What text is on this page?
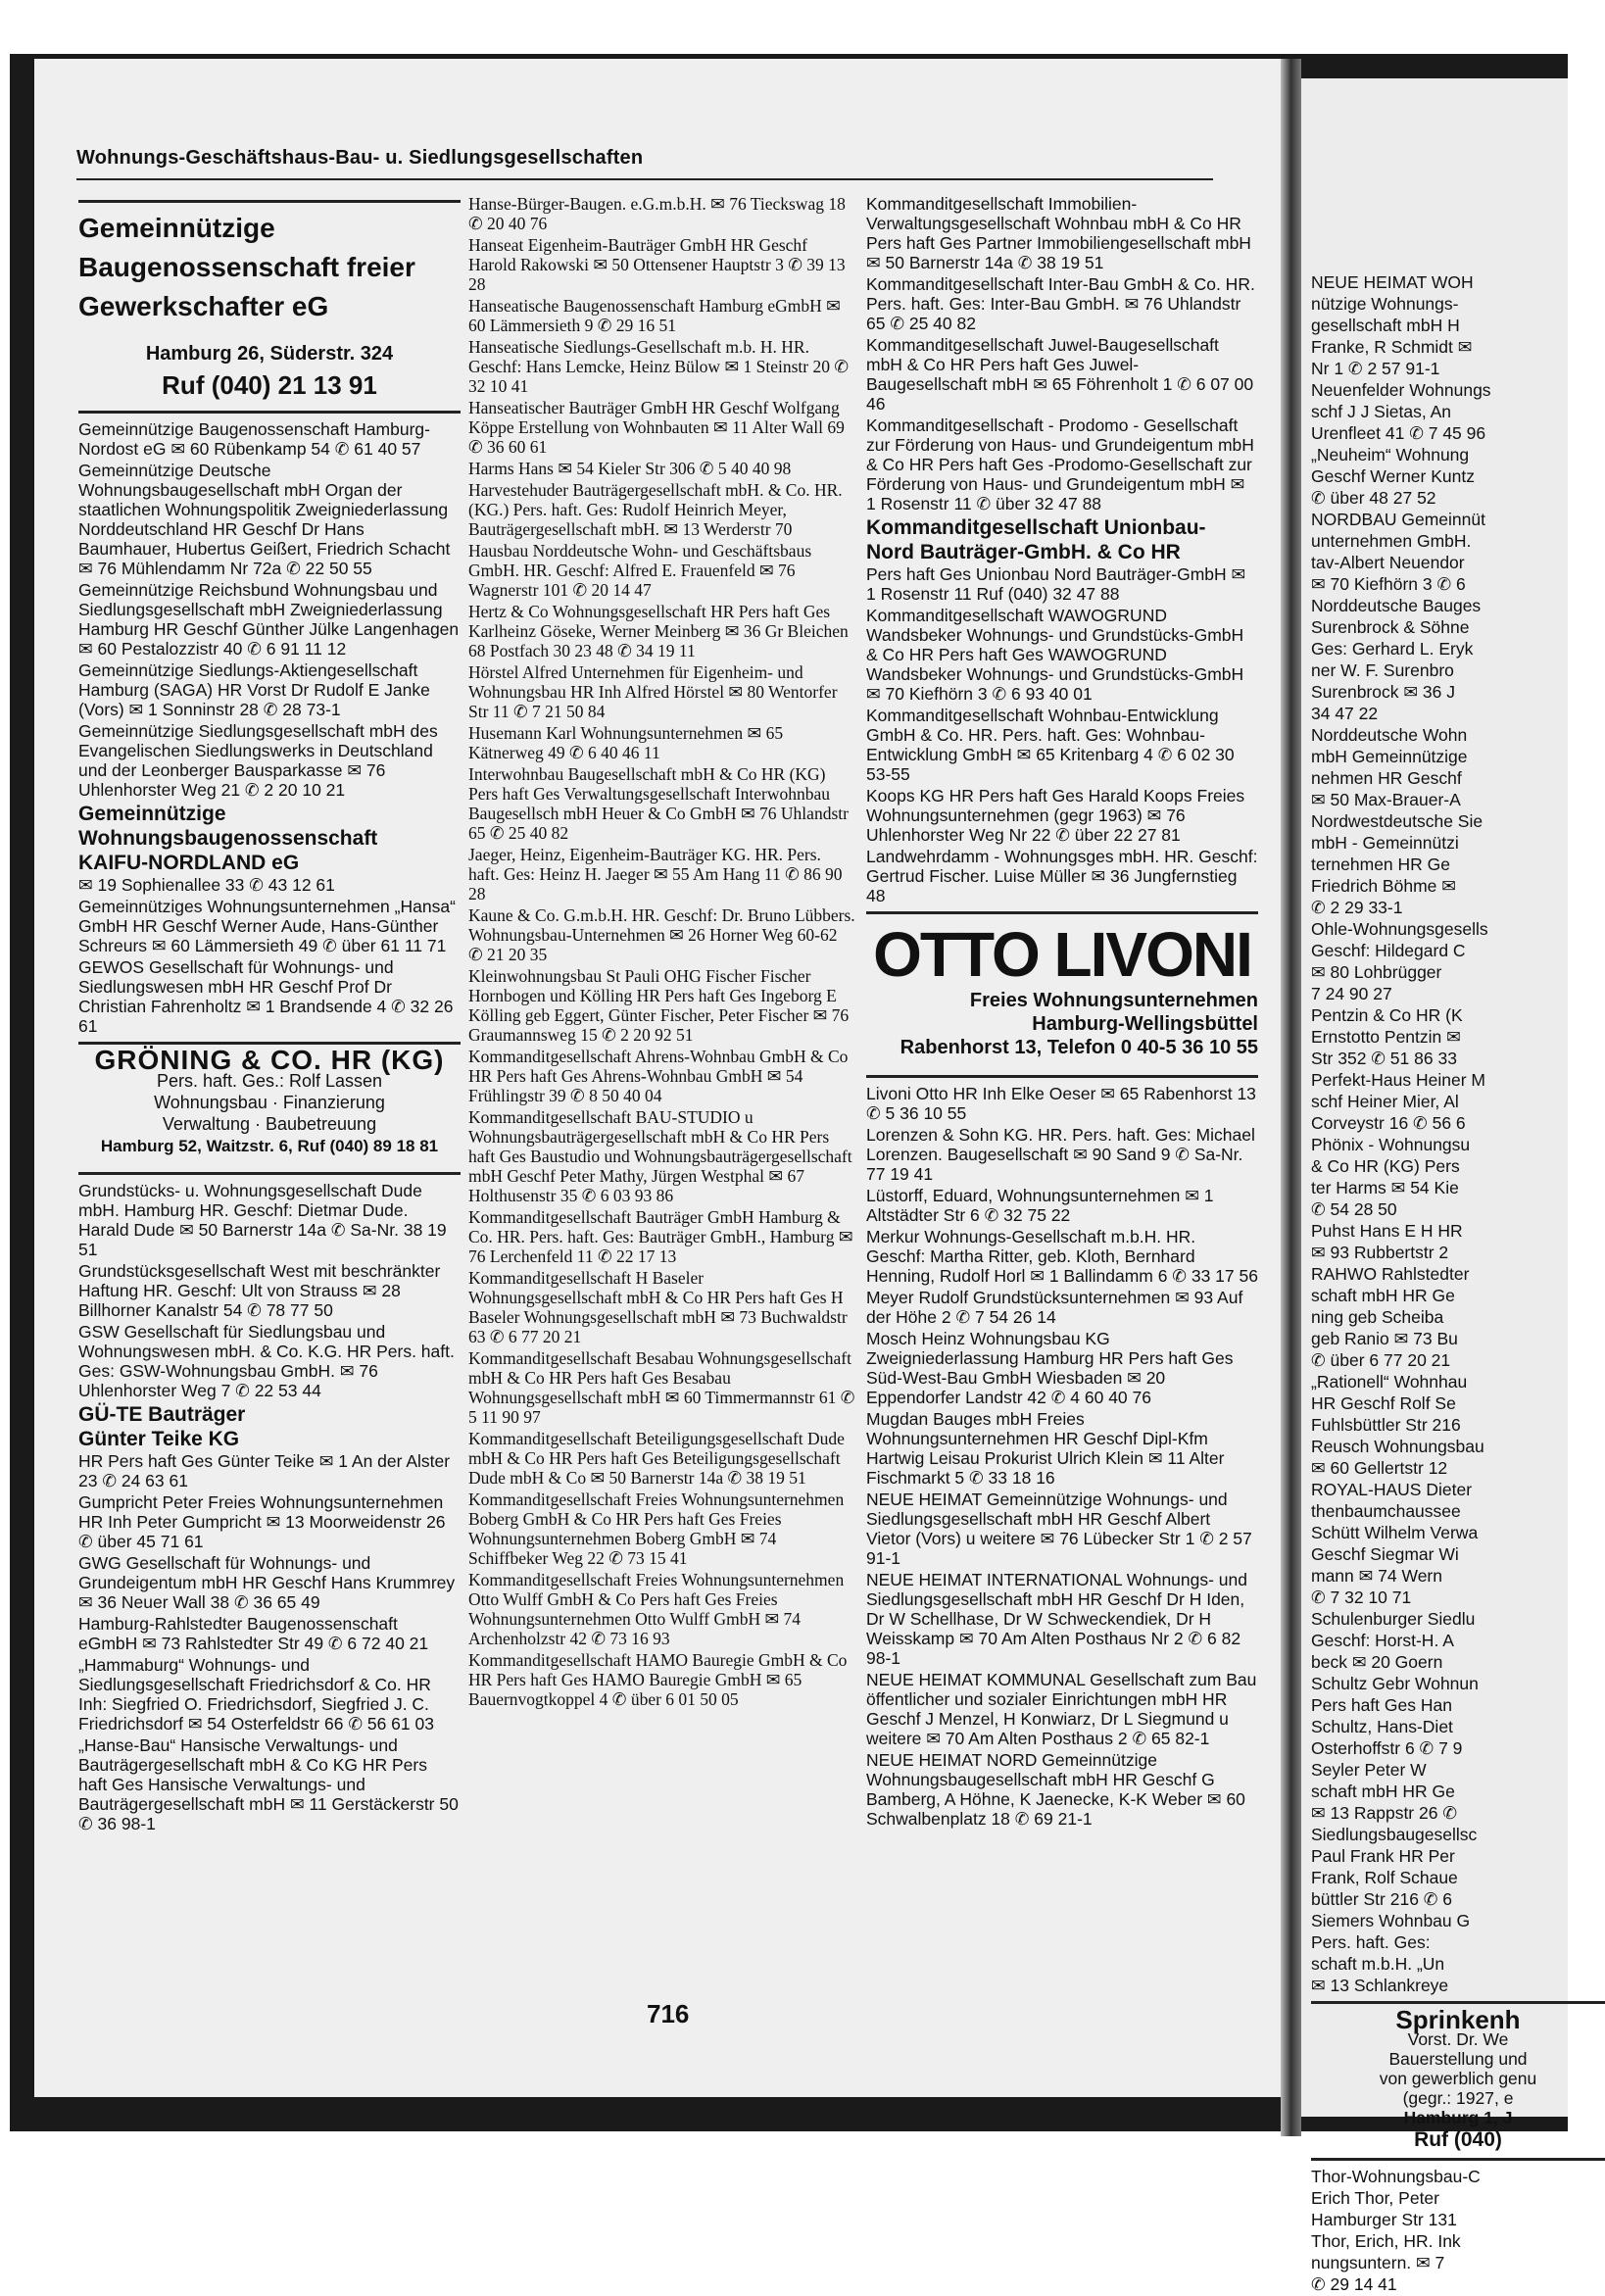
NEUE HEIMAT WOH
nützige Wohnungs-
gesellschaft mbH H
Franke, R Schmidt ✉
Nr 1 ✆ 2 57 91-1
Neuenfelder Wohnungs
schf J J Sietas, An
Urenfleet 41 ✆ 7 45 96
„Neuheim“ Wohnung
Geschf Werner Kuntz
✆ über 48 27 52
NORDBAU Gemeinnüt
unternehmen GmbH.
tav-Albert Neuendor
✉ 70 Kiefhörn 3 ✆ 6
Norddeutsche Bauges
Surenbrock & Söhne
Ges: Gerhard L. Eryk
ner W. F. Surenbro
Surenbrock ✉ 36 J
34 47 22
Norddeutsche Wohn
mbH Gemeinnützige
nehmen HR Geschf
✉ 50 Max-Brauer-A
Nordwestdeutsche Sie
mbH - Gemeinnützi
ternehmen HR Ge
Friedrich Böhme ✉
✆ 2 29 33-1
Ohle-Wohnungsgesells
Geschf: Hildegard C
✉ 80 Lohbrügger
7 24 90 27
Pentzin & Co HR (K
Ernstotto Pentzin ✉
Str 352 ✆ 51 86 33
Perfekt-Haus Heiner M
schf Heiner Mier, Al
Corveystr 16 ✆ 56 6
Phönix - Wohnungsu
& Co HR (KG) Pers
ter Harms ✉ 54 Kie
✆ 54 28 50
Puhst Hans E H HR
✉ 93 Rubbertstr 2
RAHWO Rahlstedter
schaft mbH HR Ge
ning geb Scheiba
geb Ranio ✉ 73 Bu
✆ über 6 77 20 21
„Rationell“ Wohnhau
HR Geschf Rolf Se
Fuhlsbüttler Str 216
Reusch Wohnungsbau
✉ 60 Gellertstr 12
ROYAL-HAUS Dieter
thenbaumchaussee
Schütt Wilhelm Verwa
Geschf Siegmar Wi
mann ✉ 74 Wern
✆ 7 32 10 71
Schulenburger Siedlu
Geschf: Horst-H. A
beck ✉ 20 Goern
Schultz Gebr Wohnun
Pers haft Ges Han
Schultz, Hans-Diet
Osterhoffstr 6 ✆ 7 9
Seyler Peter W
schaft mbH HR Ge
✉ 13 Rappstr 26 ✆
Siedlungsbaugesellsc
Paul Frank HR Per
Frank, Rolf Schaue
büttler Str 216 ✆ 6
Siemers Wohnbau G
Pers. haft. Ges:
schaft m.b.H. „Un
✉ 13 Schlankreye
Sprinkenh
Vorst. Dr. We
Bauerstellung und
von gewerblich genu
(gegr.: 1927, e
Hamburg 1, J
Ruf (040)
Thor-Wohnungsbau-C
Erich Thor, Peter
Hamburger Str 131
Thor, Erich, HR. Ink
nungsuntern. ✉ 7
✆ 29 14 41
Wohnungs-Geschäftshaus-Bau- u. Siedlungsgesellschaften
Gemeinnützige
Baugenossenschaft freier
Gewerkschafter eG
Hamburg 26, Süderstr. 324
Ruf (040) 21 13 91
Gemeinnützige Baugenossenschaft Hamburg-Nordost eG ✉ 60 Rübenkamp 54 ✆ 61 40 57
Gemeinnützige Deutsche Wohnungsbaugesellschaft mbH Organ der staatlichen Wohnungspolitik Zweigniederlassung Norddeutschland HR Geschf Dr Hans Baumhauer, Hubertus Geißert, Friedrich Schacht ✉ 76 Mühlendamm Nr 72a ✆ 22 50 55
Gemeinnützige Reichsbund Wohnungsbau und Siedlungsgesellschaft mbH Zweigniederlassung Hamburg HR Geschf Günther Jülke Langenhagen ✉ 60 Pestalozzistr 40 ✆ 6 91 11 12
Gemeinnützige Siedlungs-Aktiengesellschaft Hamburg (SAGA) HR Vorst Dr Rudolf E Janke (Vors) ✉ 1 Sonninstr 28 ✆ 28 73-1
Gemeinnützige Siedlungsgesellschaft mbH des Evangelischen Siedlungswerks in Deutschland und der Leonberger Bausparkasse ✉ 76 Uhlenhorster Weg 21 ✆ 2 20 10 21
Gemeinnützige
Wohnungsbaugenossenschaft
KAIFU-NORDLAND eG
✉ 19 Sophienallee 33 ✆ 43 12 61
Gemeinnütziges Wohnungsunternehmen „Hansa“ GmbH HR Geschf Werner Aude, Hans-Günther Schreurs ✉ 60 Lämmersieth 49 ✆ über 61 11 71
GEWOS Gesellschaft für Wohnungs- und Siedlungswesen mbH HR Geschf Prof Dr Christian Fahrenholtz ✉ 1 Brandsende 4 ✆ 32 26 61
GRÖNING & CO. HR (KG)
Pers. haft. Ges.: Rolf Lassen
Wohnungsbau · Finanzierung
Verwaltung · Baubetreuung
Hamburg 52, Waitzstr. 6, Ruf (040) 89 18 81
Grundstücks- u. Wohnungsgesellschaft Dude mbH. Hamburg HR. Geschf: Dietmar Dude. Harald Dude ✉ 50 Barnerstr 14a ✆ Sa-Nr. 38 19 51
Grundstücksgesellschaft West mit beschränkter Haftung HR. Geschf: Ult von Strauss ✉ 28 Billhorner Kanalstr 54 ✆ 78 77 50
GSW Gesellschaft für Siedlungsbau und Wohnungswesen mbH. & Co. K.G. HR Pers. haft. Ges: GSW-Wohnungsbau GmbH. ✉ 76 Uhlenhorster Weg 7 ✆ 22 53 44
GÜ-TE Bauträger
Günter Teike KG
HR Pers haft Ges Günter Teike ✉ 1 An der Alster 23 ✆ 24 63 61
Gumpricht Peter Freies Wohnungsunternehmen HR Inh Peter Gumpricht ✉ 13 Moorweidenstr 26 ✆ über 45 71 61
GWG Gesellschaft für Wohnungs- und Grundeigentum mbH HR Geschf Hans Krummrey ✉ 36 Neuer Wall 38 ✆ 36 65 49
Hamburg-Rahlstedter Baugenossenschaft eGmbH ✉ 73 Rahlstedter Str 49 ✆ 6 72 40 21
„Hammaburg“ Wohnungs- und Siedlungsgesellschaft Friedrichsdorf & Co. HR Inh: Siegfried O. Friedrichsdorf, Siegfried J. C. Friedrichsdorf ✉ 54 Osterfeldstr 66 ✆ 56 61 03
„Hanse-Bau“ Hansische Verwaltungs- und Bauträgergesellschaft mbH & Co KG HR Pers haft Ges Hansische Verwaltungs- und Bauträgergesellschaft mbH ✉ 11 Gerstäckerstr 50 ✆ 36 98-1
Hanse-Bürger-Baugen. e.G.m.b.H. ✉ 76 Tieckswag 18 ✆ 20 40 76
Hanseat Eigenheim-Bauträger GmbH HR Geschf Harold Rakowski ✉ 50 Ottensener Hauptstr 3 ✆ 39 13 28
Hanseatische Baugenossenschaft Hamburg eGmbH ✉ 60 Lämmersieth 9 ✆ 29 16 51
Hanseatische Siedlungs-Gesellschaft m.b. H. HR. Geschf: Hans Lemcke, Heinz Bülow ✉ 1 Steinstr 20 ✆ 32 10 41
Hanseatischer Bauträger GmbH HR Geschf Wolfgang Köppe Erstellung von Wohnbauten ✉ 11 Alter Wall 69 ✆ 36 60 61
Harms Hans ✉ 54 Kieler Str 306 ✆ 5 40 40 98
Harvestehuder Bauträgergesellschaft mbH. & Co. HR. (KG.) Pers. haft. Ges: Rudolf Heinrich Meyer, Bauträgergesellschaft mbH. ✉ 13 Werderstr 70
Hausbau Norddeutsche Wohn- und Geschäftsbaus GmbH. HR. Geschf: Alfred E. Frauenfeld ✉ 76 Wagnerstr 101 ✆ 20 14 47
Hertz & Co Wohnungsgesellschaft HR Pers haft Ges Karlheinz Göseke, Werner Meinberg ✉ 36 Gr Bleichen 68 Postfach 30 23 48 ✆ 34 19 11
Hörstel Alfred Unternehmen für Eigenheim- und Wohnungsbau HR Inh Alfred Hörstel ✉ 80 Wentorfer Str 11 ✆ 7 21 50 84
Husemann Karl Wohnungsunternehmen ✉ 65 Kätnerweg 49 ✆ 6 40 46 11
Interwohnbau Baugesellschaft mbH & Co HR (KG) Pers haft Ges Verwaltungsgesellschaft Interwohnbau Baugesellsch mbH Heuer & Co GmbH ✉ 76 Uhlandstr 65 ✆ 25 40 82
Jaeger, Heinz, Eigenheim-Bauträger KG. HR. Pers. haft. Ges: Heinz H. Jaeger ✉ 55 Am Hang 11 ✆ 86 90 28
Kaune & Co. G.m.b.H. HR. Geschf: Dr. Bruno Lübbers. Wohnungsbau-Unternehmen ✉ 26 Horner Weg 60-62 ✆ 21 20 35
Kleinwohnungsbau St Pauli OHG Fischer Fischer Hornbogen und Kölling HR Pers haft Ges Ingeborg E Kölling geb Eggert, Günter Fischer, Peter Fischer ✉ 76 Graumannsweg 15 ✆ 2 20 92 51
Kommanditgesellschaft Ahrens-Wohnbau GmbH & Co HR Pers haft Ges Ahrens-Wohnbau GmbH ✉ 54 Frühlingstr 39 ✆ 8 50 40 04
Kommanditgesellschaft BAU-STUDIO u Wohnungsbauträgergesellschaft mbH & Co HR Pers haft Ges Baustudio und Wohnungsbauträgergesellschaft mbH Geschf Peter Mathy, Jürgen Westphal ✉ 67 Holthusenstr 35 ✆ 6 03 93 86
Kommanditgesellschaft Bauträger GmbH Hamburg & Co. HR. Pers. haft. Ges: Bauträger GmbH., Hamburg ✉ 76 Lerchenfeld 11 ✆ 22 17 13
Kommanditgesellschaft H Baseler Wohnungsgesellschaft mbH & Co HR Pers haft Ges H Baseler Wohnungsgesellschaft mbH ✉ 73 Buchwaldstr 63 ✆ 6 77 20 21
Kommanditgesellschaft Besabau Wohnungsgesellschaft mbH & Co HR Pers haft Ges Besabau Wohnungsgesellschaft mbH ✉ 60 Timmermannstr 61 ✆ 5 11 90 97
Kommanditgesellschaft Beteiligungsgesellschaft Dude mbH & Co HR Pers haft Ges Beteiligungsgesellschaft Dude mbH & Co ✉ 50 Barnerstr 14a ✆ 38 19 51
Kommanditgesellschaft Freies Wohnungsunternehmen Boberg GmbH & Co HR Pers haft Ges Freies Wohnungsunternehmen Boberg GmbH ✉ 74 Schiffbeker Weg 22 ✆ 73 15 41
Kommanditgesellschaft Freies Wohnungsunternehmen Otto Wulff GmbH & Co Pers haft Ges Freies Wohnungsunternehmen Otto Wulff GmbH ✉ 74 Archenholzstr 42 ✆ 73 16 93
Kommanditgesellschaft HAMO Bauregie GmbH & Co HR Pers haft Ges HAMO Bauregie GmbH ✉ 65 Bauernvogtkoppel 4 ✆ über 6 01 50 05
Kommanditgesellschaft Immobilien-Verwaltungsgesellschaft Wohnbau mbH & Co HR Pers haft Ges Partner Immobiliengesellschaft mbH ✉ 50 Barnerstr 14a ✆ 38 19 51
Kommanditgesellschaft Inter-Bau GmbH & Co. HR. Pers. haft. Ges: Inter-Bau GmbH. ✉ 76 Uhlandstr 65 ✆ 25 40 82
Kommanditgesellschaft Juwel-Baugesellschaft mbH & Co HR Pers haft Ges Juwel-Baugesellschaft mbH ✉ 65 Föhrenholt 1 ✆ 6 07 00 46
Kommanditgesellschaft - Prodomo - Gesellschaft zur Förderung von Haus- und Grundeigentum mbH & Co HR Pers haft Ges -Prodomo-Gesellschaft zur Förderung von Haus- und Grundeigentum mbH ✉ 1 Rosenstr 11 ✆ über 32 47 88
Kommanditgesellschaft Unionbau-
Nord Bauträger-GmbH. & Co HR
Pers haft Ges Unionbau Nord Bauträger-GmbH ✉ 1 Rosenstr 11 Ruf (040) 32 47 88
Kommanditgesellschaft WAWOGRUND Wandsbeker Wohnungs- und Grundstücks-GmbH & Co HR Pers haft Ges WAWOGRUND Wandsbeker Wohnungs- und Grundstücks-GmbH ✉ 70 Kiefhörn 3 ✆ 6 93 40 01
Kommanditgesellschaft Wohnbau-Entwicklung GmbH & Co. HR. Pers. haft. Ges: Wohnbau-Entwicklung GmbH ✉ 65 Kritenbarg 4 ✆ 6 02 30 53-55
Koops KG HR Pers haft Ges Harald Koops Freies Wohnungsunternehmen (gegr 1963) ✉ 76 Uhlenhorster Weg Nr 22 ✆ über 22 27 81
Landwehrdamm - Wohnungsges mbH. HR. Geschf: Gertrud Fischer. Luise Müller ✉ 36 Jungfernstieg 48
OTTO LIVONI
Freies Wohnungsunternehmen
Hamburg-Wellingsbüttel
Rabenhorst 13, Telefon 0 40-5 36 10 55
Livoni Otto HR Inh Elke Oeser ✉ 65 Rabenhorst 13 ✆ 5 36 10 55
Lorenzen & Sohn KG. HR. Pers. haft. Ges: Michael Lorenzen. Baugesellschaft ✉ 90 Sand 9 ✆ Sa-Nr. 77 19 41
Lüstorff, Eduard, Wohnungsunternehmen ✉ 1 Altstädter Str 6 ✆ 32 75 22
Merkur Wohnungs-Gesellschaft m.b.H. HR. Geschf: Martha Ritter, geb. Kloth, Bernhard Henning, Rudolf Horl ✉ 1 Ballindamm 6 ✆ 33 17 56
Meyer Rudolf Grundstücksunternehmen ✉ 93 Auf der Höhe 2 ✆ 7 54 26 14
Mosch Heinz Wohnungsbau KG Zweigniederlassung Hamburg HR Pers haft Ges Süd-West-Bau GmbH Wiesbaden ✉ 20 Eppendorfer Landstr 42 ✆ 4 60 40 76
Mugdan Bauges mbH Freies Wohnungsunternehmen HR Geschf Dipl-Kfm Hartwig Leisau Prokurist Ulrich Klein ✉ 11 Alter Fischmarkt 5 ✆ 33 18 16
NEUE HEIMAT Gemeinnützige Wohnungs- und Siedlungsgesellschaft mbH HR Geschf Albert Vietor (Vors) u weitere ✉ 76 Lübecker Str 1 ✆ 2 57 91-1
NEUE HEIMAT INTERNATIONAL Wohnungs- und Siedlungsgesellschaft mbH HR Geschf Dr H Iden, Dr W Schellhase, Dr W Schweckendiek, Dr H Weisskamp ✉ 70 Am Alten Posthaus Nr 2 ✆ 6 82 98-1
NEUE HEIMAT KOMMUNAL Gesellschaft zum Bau öffentlicher und sozialer Einrichtungen mbH HR Geschf J Menzel, H Konwiarz, Dr L Siegmund u weitere ✉ 70 Am Alten Posthaus 2 ✆ 65 82-1
NEUE HEIMAT NORD Gemeinnützige Wohnungsbaugesellschaft mbH HR Geschf G Bamberg, A Höhne, K Jaenecke, K-K Weber ✉ 60 Schwalbenplatz 18 ✆ 69 21-1
716
